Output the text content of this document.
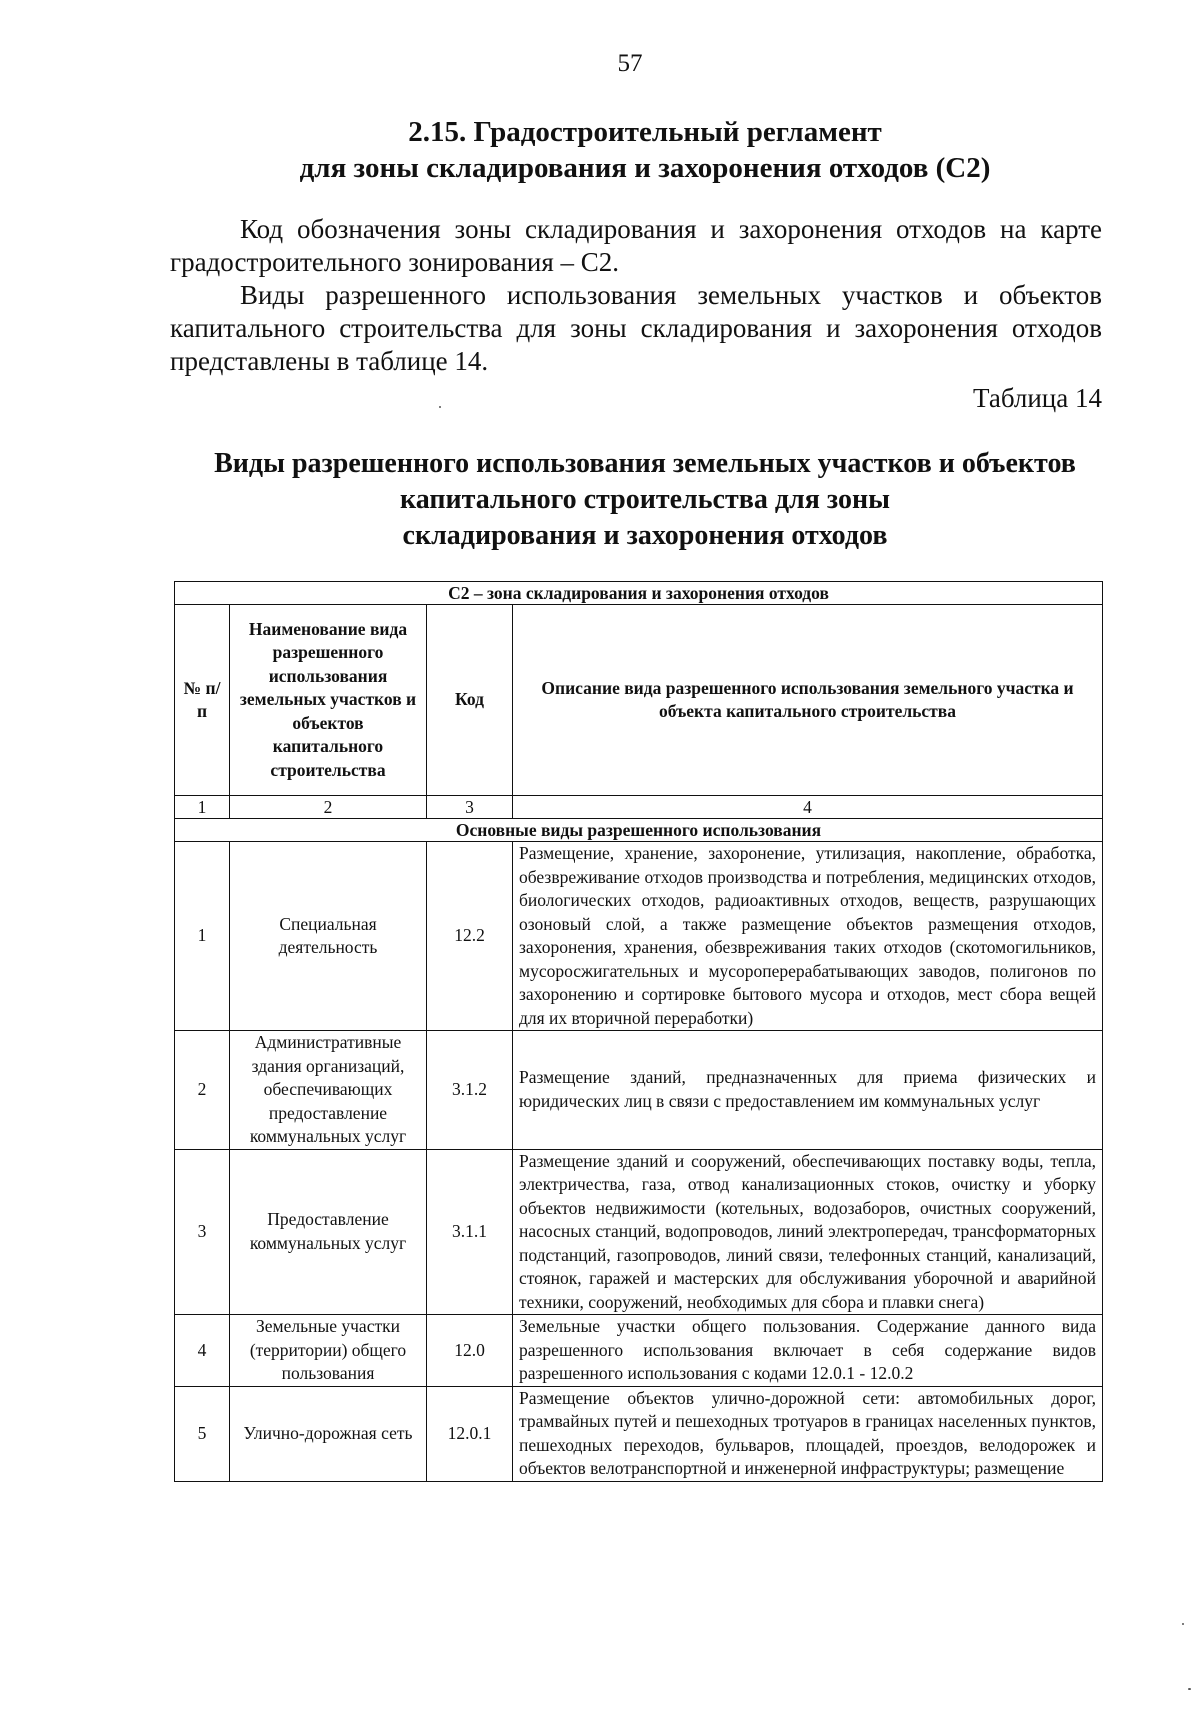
57
2.15. Градостроительный регламент
для зоны складирования и захоронения отходов (С2)

Код обозначения зоны складирования и захоронения отходов на карте градостроительного зонирования – С2.

Виды разрешенного использования земельных участков и объектов капитального строительства для зоны складирования и захоронения отходов представлены в таблице 14.

Таблица 14
Виды разрешенного использования земельных участков и объектов
капитального строительства для зоны
складирования и захоронения отходов
С2 – зона складирования и захоронения отходов			
№ п/п	Наименование вида разрешенного использования земельных участков и объектов капитального строительства	Код	Описание вида разрешенного использования земельного участка и объекта капитального строительства
1	2	3	4
Основные виды разрешенного использования			
1	Специальная деятельность	12.2	Размещение, хранение, захоронение, утилизация, накопление, обработка, обезвреживание отходов производства и потребления, медицинских отходов, биологических отходов, радиоактивных отходов, веществ, разрушающих озоновый слой, а также размещение объектов размещения отходов, захоронения, хранения, обезвреживания таких отходов (скотомогильников, мусоросжигательных и мусороперерабатывающих заводов, полигонов по захоронению и сортировке бытового мусора и отходов, мест сбора вещей для их вторичной переработки)
2	Административные здания организаций, обеспечивающих предоставление коммунальных услуг	3.1.2	Размещение зданий, предназначенных для приема физических и юридических лиц в связи с предоставлением им коммунальных услуг
3	Предоставление коммунальных услуг	3.1.1	Размещение зданий и сооружений, обеспечивающих поставку воды, тепла, электричества, газа, отвод канализационных стоков, очистку и уборку объектов недвижимости (котельных, водозаборов, очистных сооружений, насосных станций, водопроводов, линий электропередач, трансформаторных подстанций, газопроводов, линий связи, телефонных станций, канализаций, стоянок, гаражей и мастерских для обслуживания уборочной и аварийной техники, сооружений, необходимых для сбора и плавки снега)
4	Земельные участки (территории) общего пользования	12.0	Земельные участки общего пользования. Содержание данного вида разрешенного использования включает в себя содержание видов разрешенного использования с кодами 12.0.1 - 12.0.2
5	Улично-дорожная сеть	12.0.1	Размещение объектов улично-дорожной сети: автомобильных дорог, трамвайных путей и пешеходных тротуаров в границах населенных пунктов, пешеходных переходов, бульваров, площадей, проездов, велодорожек и объектов велотранспортной и инженерной инфраструктуры; размещение
